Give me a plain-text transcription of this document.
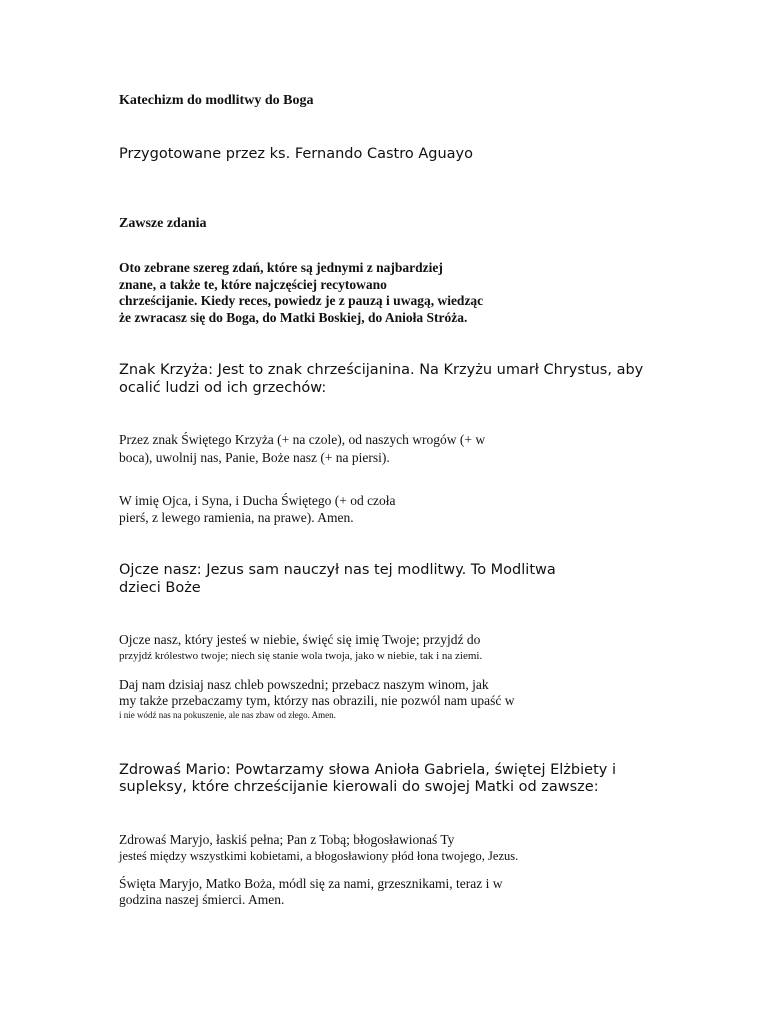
Katechizm do modlitwy do Boga
Przygotowane przez ks. Fernando Castro Aguayo
Zawsze zdania
Oto zebrane szereg zdań, które są jednymi z najbardziej
znane, a także te, które najczęściej recytowano
chrześcijanie. Kiedy reces, powiedz je z pauzą i uwagą, wiedząc
że zwracasz się do Boga, do Matki Boskiej, do Anioła Stróża.
Znak Krzyża: Jest to znak chrześcijanina. Na Krzyżu umarł Chrystus, aby
ocalić ludzi od ich grzechów:
Przez znak Świętego Krzyża (+ na czole), od naszych wrogów (+ w
boca), uwolnij nas, Panie, Boże nasz (+ na piersi).
W imię Ojca, i Syna, i Ducha Świętego (+ od czoła
pierś, z lewego ramienia, na prawe). Amen.
Ojcze nasz: Jezus sam nauczył nas tej modlitwy. To Modlitwa
dzieci Boże
Ojcze nasz, który jesteś w niebie, święć się imię Twoje; przyjdź do
przyjdź królestwo twoje; niech się stanie wola twoja, jako w niebie, tak i na ziemi.
Daj nam dzisiaj nasz chleb powszedni; przebacz naszym winom, jak
my także przebaczamy tym, którzy nas obrazili, nie pozwól nam upaść w
i nie wódź nas na pokuszenie, ale nas zbaw od złego. Amen.
Zdrowaś Mario: Powtarzamy słowa Anioła Gabriela, świętej Elżbiety i
supleksy, które chrześcijanie kierowali do swojej Matki od zawsze:
Zdrowaś Maryjo, łaskiś pełna; Pan z Tobą; błogosławionaś Ty
jesteś między wszystkimi kobietami, a błogosławiony płód łona twojego, Jezus.
Święta Maryjo, Matko Boża, módl się za nami, grzesznikami, teraz i w
godzina naszej śmierci. Amen.
